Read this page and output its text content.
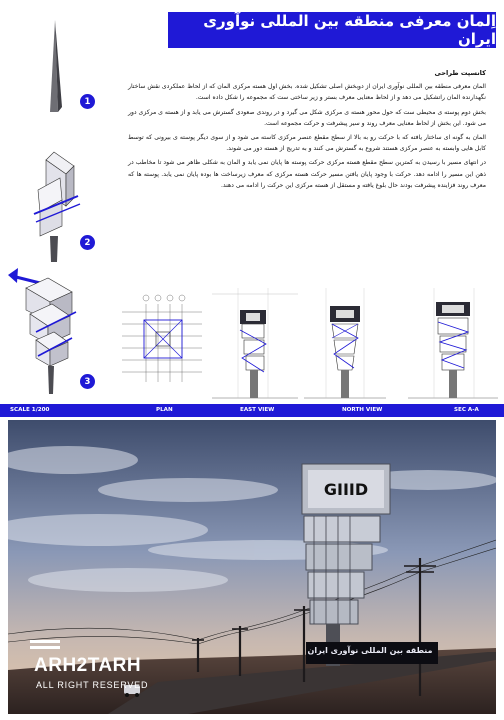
اِلمان معرفی منطقه بین المللی نوآوری ایران
1
2
3
کانسپت طراحی

المان معرفی منطقه بین المللی نوآوری ایران از دوبخش اصلی تشکیل شده. بخش اول هسته مرکزی المان که از لحاظ عملکردی نقش ساختار نگهدارنده المان راتشکیل می دهد و از لحاظ معنایی معرف بستر و زیر ساختی ست که مجموعه را شکل داده است.

بخش دوم پوسته ی محیطی ست که حول محور هسته ی مرکزی شکل می گیرد و در روندی صعودی گسترش می یابد و از هسته ی مرکزی دور می شود. این بخش از لحاظ معنایی معرف روند و سیر پیشرفت و حرکت مجموعه است.

المان به گونه ای ساختار یافته که با حرکت رو به بالا از سطح مقطع عنصر مرکزی کاسته می شود و از سوی دیگر پوسته ی بیرونی که توسط کابل هایی وابسته به عنصر مرکزی هستند شروع به گسترش می کنند و به تدریج از هسته دور می شوند.

در انتهای مسیر با رسیدن به کمترین سطح مقطع هسته مرکزی حرکت پوسته ها پایان نمی یابد و المان به شکلی ظاهر می شود تا مخاطب در ذهن این مسیر را ادامه دهد. حرکت با وجود پایان یافتن مسیر حرکت هسته مرکزی که معرف زیرساخت ها بوده پایان نمی یابد. پوسته ها که معرف روند فزاینده پیشرفت بودند حال بلوغ یافته و مستقل از هسته مرکزی این حرکت را ادامه می دهند.

SCALE 1/200	PLAN	EAST VIEW	NORTH VIEW	SEC A-A
GIIID
منطقه بین المللی نوآوری ایران
ARH2TARH
ALL RIGHT RESERVED
